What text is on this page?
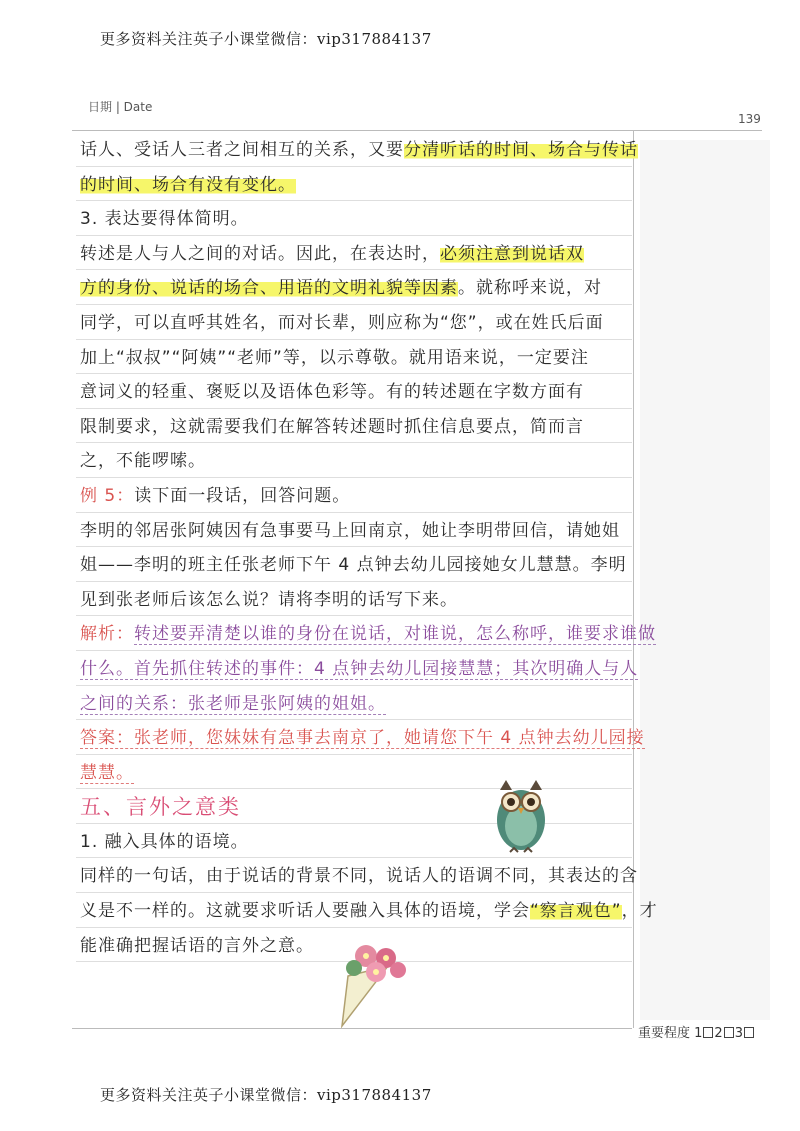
更多资料关注英子小课堂微信：vip317884137
日期 | Date
139
话人、受话人三者之间相互的关系，又要分清听话的时间、场合与传话
的时间、场合有没有变化。
3. 表达要得体简明。
转述是人与人之间的对话。因此，在表达时，必须注意到说话双
方的身份、说话的场合、用语的文明礼貌等因素。就称呼来说，对
同学，可以直呼其姓名，而对长辈，则应称为“您”，或在姓氏后面
加上“叔叔”“阿姨”“老师”等，以示尊敬。就用语来说，一定要注
意词义的轻重、褒贬以及语体色彩等。有的转述题在字数方面有
限制要求，这就需要我们在解答转述题时抓住信息要点，简而言
之，不能啰嗦。
例 5：读下面一段话，回答问题。
李明的邻居张阿姨因有急事要马上回南京，她让李明带回信，请她姐
姐——李明的班主任张老师下午 4 点钟去幼儿园接她女儿慧慧。李明
见到张老师后该怎么说？请将李明的话写下来。
解析：转述要弄清楚以谁的身份在说话，对谁说，怎么称呼，谁要求谁做
什么。首先抓住转述的事件：4 点钟去幼儿园接慧慧；其次明确人与人
之间的关系：张老师是张阿姨的姐姐。
答案：张老师，您妹妹有急事去南京了，她请您下午 4 点钟去幼儿园接
慧慧。
五、言外之意类
1. 融入具体的语境。
同样的一句话，由于说话的背景不同，说话人的语调不同，其表达的含
义是不一样的。这就要求听话人要融入具体的语境，学会“察言观色”，才
能准确把握话语的言外之意。
重要程度 1 2 3
更多资料关注英子小课堂微信：vip317884137
